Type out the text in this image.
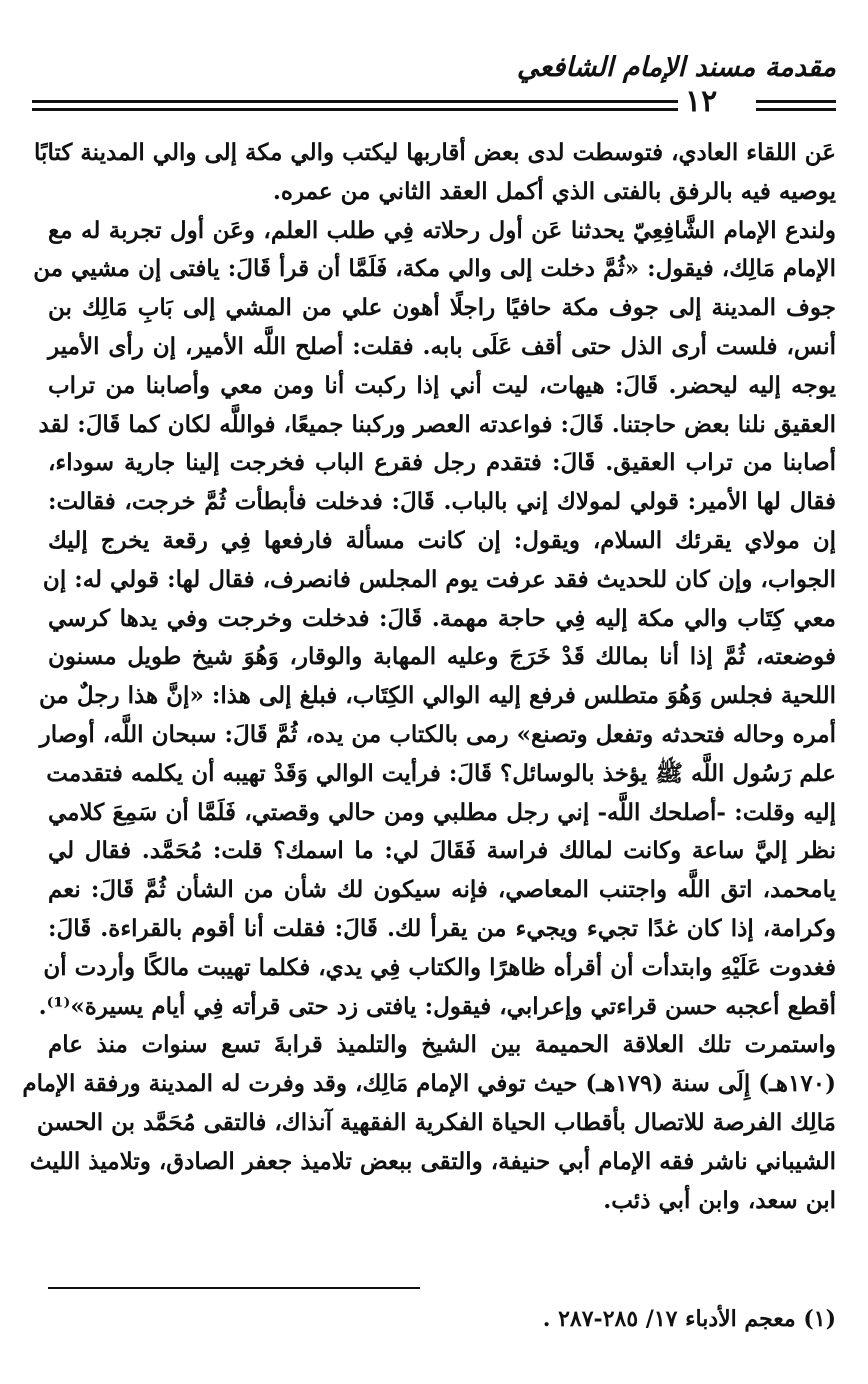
مقدمة مسند الإمام الشافعي
١٢
عَن اللقاء العادي، فتوسطت لدى بعض أقاربها ليكتب والي مكة إلى والي المدينة كتابًا
يوصيه فيه بالرفق بالفتى الذي أكمل العقد الثاني من عمره.
ولندع الإمام الشَّافِعِيّ يحدثنا عَن أول رحلاته فِي طلب العلم، وعَن أول تجربة له مع
الإمام مَالِك، فيقول: «ثُمَّ دخلت إلى والي مكة، فَلَمَّا أن قرأ قَالَ: يافتى إن مشيي من
جوف المدينة إلى جوف مكة حافيًا راجلًا أهون علي من المشي إلى بَابِ مَالِك بن
أنس، فلست أرى الذل حتى أقف عَلَى بابه. فقلت: أصلح اللَّه الأمير، إن رأى الأمير
يوجه إليه ليحضر. قَالَ: هيهات، ليت أني إذا ركبت أنا ومن معي وأصابنا من تراب
العقيق نلنا بعض حاجتنا. قَالَ: فواعدته العصر وركبنا جميعًا، فواللَّه لكان كما قَالَ: لقد
أصابنا من تراب العقيق. قَالَ: فتقدم رجل فقرع الباب فخرجت إلينا جارية سوداء،
فقال لها الأمير: قولي لمولاك إني بالباب. قَالَ: فدخلت فأبطأت ثُمَّ خرجت، فقالت:
إن مولاي يقرئك السلام، ويقول: إن كانت مسألة فارفعها فِي رقعة يخرج إليك
الجواب، وإن كان للحديث فقد عرفت يوم المجلس فانصرف، فقال لها: قولي له: إن
معي كِتَاب والي مكة إليه فِي حاجة مهمة. قَالَ: فدخلت وخرجت وفي يدها كرسي
فوضعته، ثُمَّ إذا أنا بمالك قَدْ خَرَجَ وعليه المهابة والوقار، وَهُوَ شيخ طويل مسنون
اللحية فجلس وَهُوَ متطلس فرفع إليه الوالي الكِتَاب، فبلغ إلى هذا: «إنَّ هذا رجلٌ من
أمره وحاله فتحدثه وتفعل وتصنع» رمى بالكتاب من يده، ثُمَّ قَالَ: سبحان اللَّه، أوصار
علم رَسُول اللَّه ﷺ يؤخذ بالوسائل؟ قَالَ: فرأيت الوالي وَقَدْ تهيبه أن يكلمه فتقدمت
إليه وقلت: -أصلحك اللَّه- إني رجل مطلبي ومن حالي وقصتي، فَلَمَّا أن سَمِعَ كلامي
نظر إليَّ ساعة وكانت لمالك فراسة فَقَالَ لي: ما اسمك؟ قلت: مُحَمَّد. فقال لي
يامحمد، اتق اللَّه واجتنب المعاصي، فإنه سيكون لك شأن من الشأن ثُمَّ قَالَ: نعم
وكرامة، إذا كان غدًا تجيء ويجيء من يقرأ لك. قَالَ: فقلت أنا أقوم بالقراءة. قَالَ:
فغدوت عَلَيْهِ وابتدأت أن أقرأه ظاهرًا والكتاب فِي يدي، فكلما تهيبت مالكًا وأردت أن
أقطع أعجبه حسن قراءتي وإعرابي، فيقول: يافتى زد حتى قرأته فِي أيام يسيرة»⁽¹⁾.
واستمرت تلك العلاقة الحميمة بين الشيخ والتلميذ قرابةَ تسع سنوات منذ عام
(١٧٠هـ) إِلَى سنة (١٧٩هـ) حيث توفي الإمام مَالِك، وقد وفرت له المدينة ورفقة الإمام
مَالِك الفرصة للاتصال بأقطاب الحياة الفكرية الفقهية آنذاك، فالتقى مُحَمَّد بن الحسن
الشيباني ناشر فقه الإمام أبي حنيفة، والتقى ببعض تلاميذ جعفر الصادق، وتلاميذ الليث
ابن سعد، وابن أبي ذئب.
(١) معجم الأدباء ١٧/ ٢٨٥-٢٨٧ .
